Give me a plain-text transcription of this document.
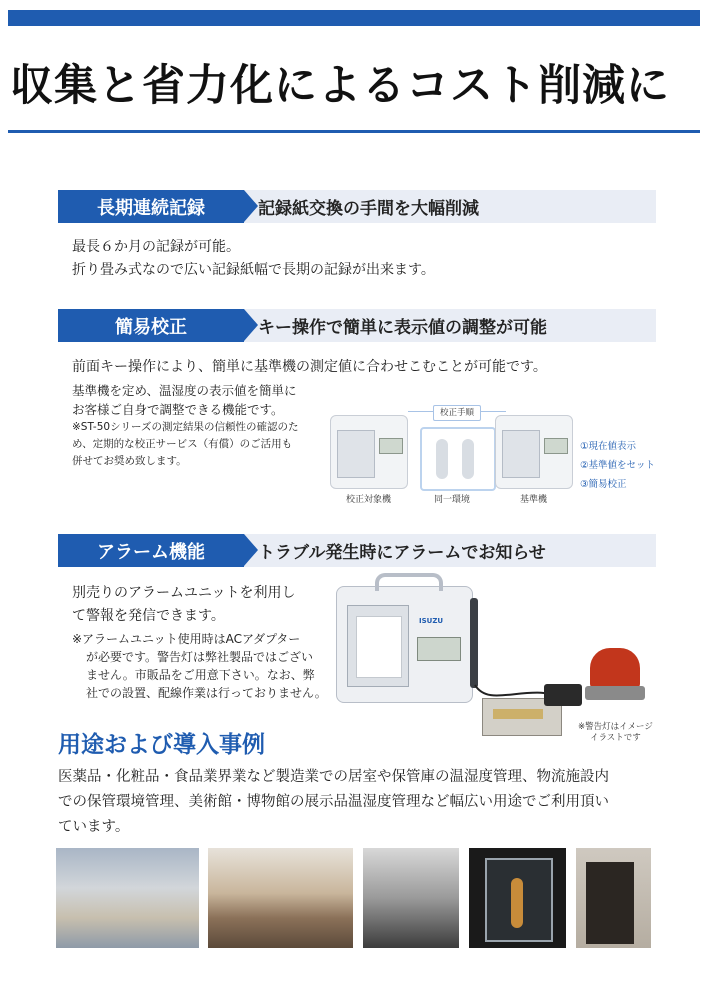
収集と省力化によるコスト削減に
長期連続記録	記録紙交換の手間を大幅削減
最長６か月の記録が可能。
折り畳み式なので広い記録紙幅で長期の記録が出来ます。
簡易校正	キー操作で簡単に表示値の調整が可能
前面キー操作により、簡単に基準機の測定値に合わせこむことが可能です。
基準機を定め、温湿度の表示値を簡単に
お客様ご自身で調整できる機能です。
※ST-50シリーズの測定結果の信頼性の確認のた
め、定期的な校正サービス（有償）のご活用も
併せてお奨め致します。
校正手順
校正対象機	同一環境	基準機
①現在値表示
②基準値をセット
③簡易校正
アラーム機能	トラブル発生時にアラームでお知らせ
別売りのアラームユニットを利用し
て警報を発信できます。
※アラームユニット使用時はACアダプター
が必要です。警告灯は弊社製品ではござい
ません。市販品をご用意下さい。なお、弊
社での設置、配線作業は行っておりません。
ISUZU
※警告灯はイメージ
イラストです
用途および導入事例
医薬品・化粧品・食品業界業など製造業での居室や保管庫の温湿度管理、物流施設内
での保管環境管理、美術館・博物館の展示品温湿度管理など幅広い用途でご利用頂い
ています。
